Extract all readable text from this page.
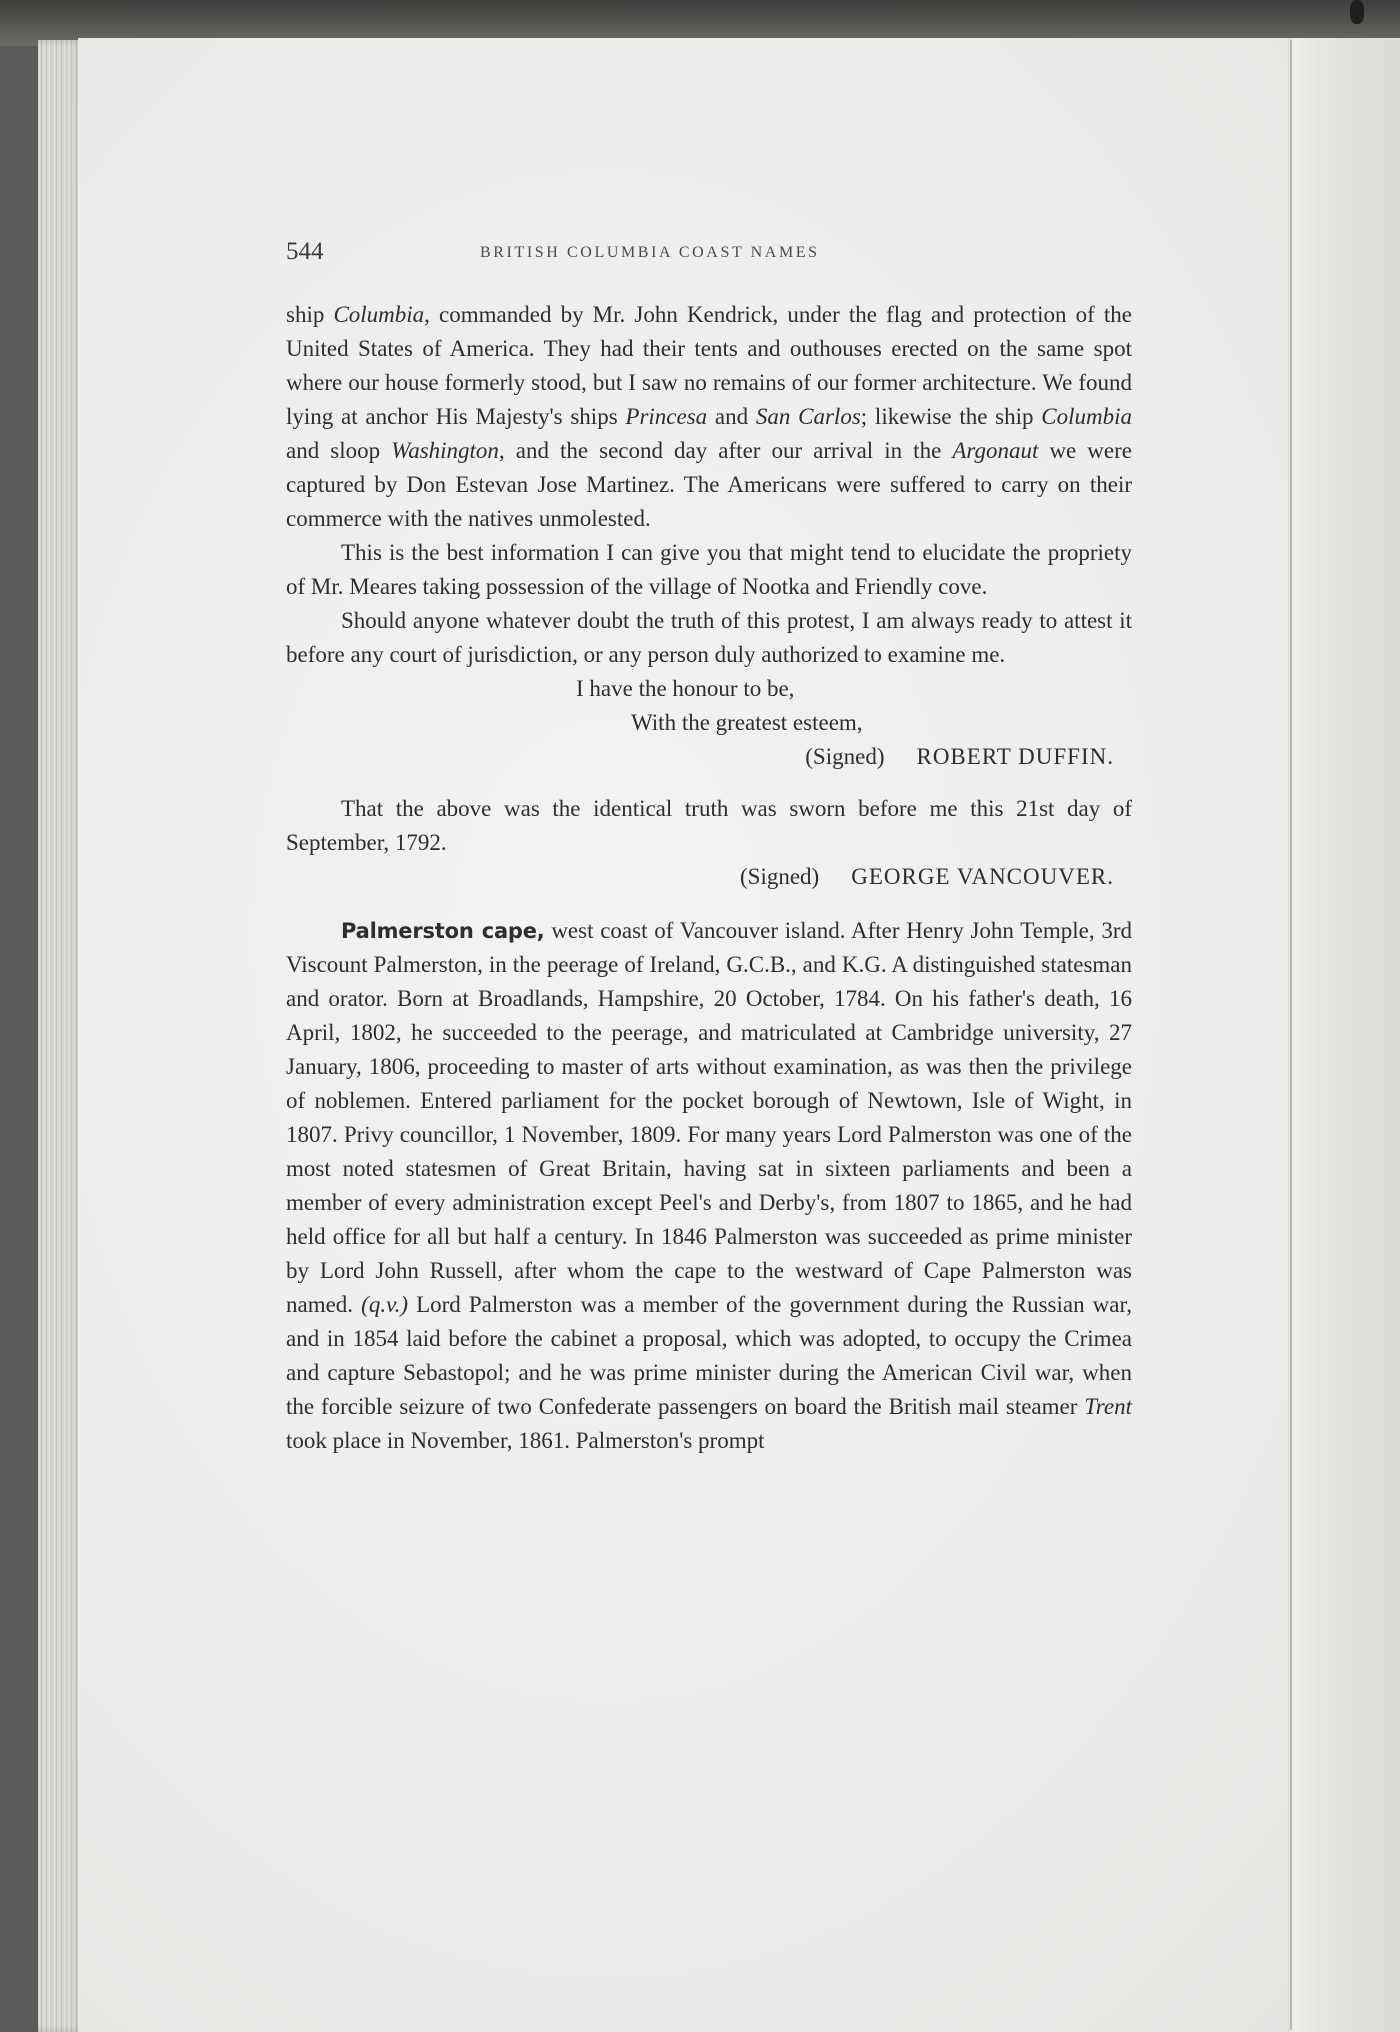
544	BRITISH COLUMBIA COAST NAMES

ship Columbia, commanded by Mr. John Kendrick, under the flag and protection of the United States of America. They had their tents and outhouses erected on the same spot where our house formerly stood, but I saw no remains of our former architecture. We found lying at anchor His Majesty's ships Princesa and San Carlos; likewise the ship Columbia and sloop Washington, and the second day after our arrival in the Argonaut we were captured by Don Estevan Jose Martinez. The Americans were suffered to carry on their commerce with the natives unmolested.

This is the best information I can give you that might tend to elucidate the propriety of Mr. Meares taking possession of the village of Nootka and Friendly cove.

Should anyone whatever doubt the truth of this protest, I am always ready to attest it before any court of jurisdiction, or any person duly authorized to examine me.

I have the honour to be,

With the greatest esteem,

(Signed) ROBERT DUFFIN.

That the above was the identical truth was sworn before me this 21st day of September, 1792.

(Signed) GEORGE VANCOUVER.

Palmerston cape, west coast of Vancouver island. After Henry John Temple, 3rd Viscount Palmerston, in the peerage of Ireland, G.C.B., and K.G. A distinguished statesman and orator. Born at Broadlands, Hampshire, 20 October, 1784. On his father's death, 16 April, 1802, he succeeded to the peerage, and matriculated at Cambridge university, 27 January, 1806, proceeding to master of arts without examination, as was then the privilege of noblemen. Entered parliament for the pocket borough of Newtown, Isle of Wight, in 1807. Privy councillor, 1 November, 1809. For many years Lord Palmerston was one of the most noted statesmen of Great Britain, having sat in sixteen parliaments and been a member of every administration except Peel's and Derby's, from 1807 to 1865, and he had held office for all but half a century. In 1846 Palmerston was succeeded as prime minister by Lord John Russell, after whom the cape to the westward of Cape Palmerston was named. (q.v.) Lord Palmerston was a member of the government during the Russian war, and in 1854 laid before the cabinet a proposal, which was adopted, to occupy the Crimea and capture Sebastopol; and he was prime minister during the American Civil war, when the forcible seizure of two Confederate passengers on board the British mail steamer Trent took place in November, 1861. Palmerston's prompt
